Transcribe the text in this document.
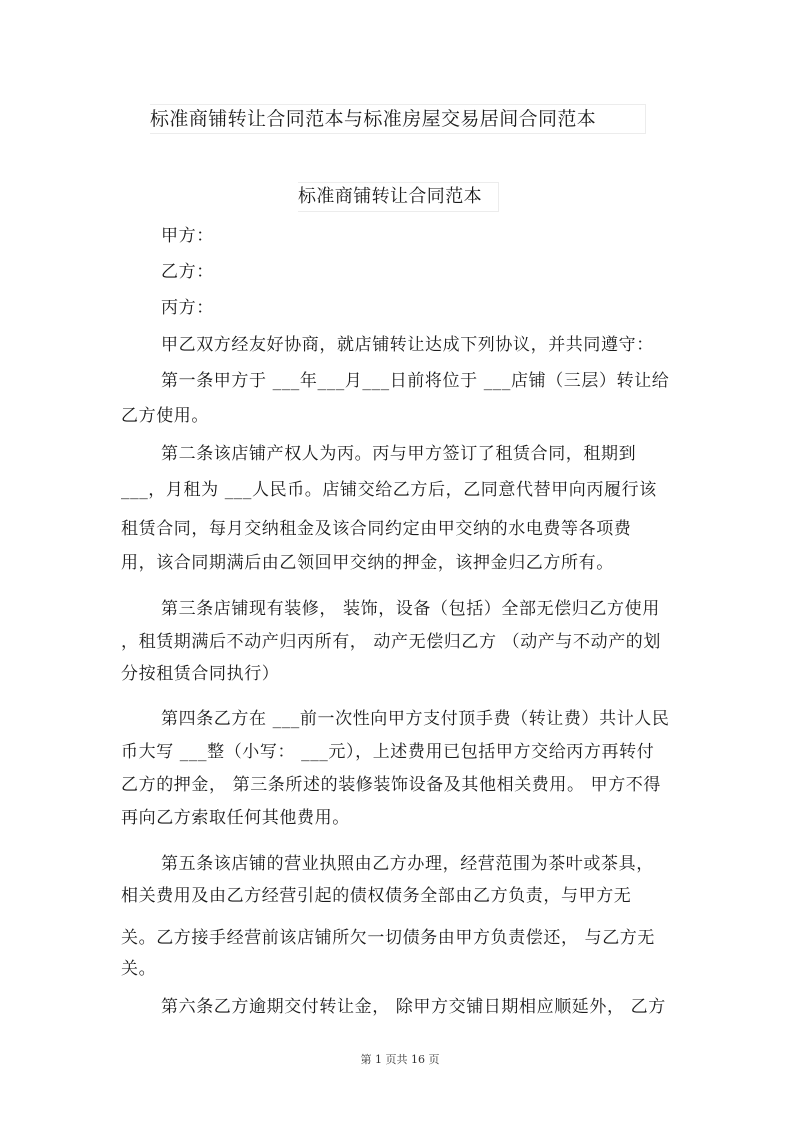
标准商铺转让合同范本与标准房屋交易居间合同范本
标准商铺转让合同范本
甲方：
乙方：
丙方：
甲乙双方经友好协商，就店铺转让达成下列协议，并共同遵守：
第一条甲方于 ___年___月___日前将位于 ___店铺（三层）转让给
乙方使用。
第二条该店铺产权人为丙。丙与甲方签订了租赁合同，租期到
___，月租为 ___人民币。店铺交给乙方后，乙同意代替甲向丙履行该
租赁合同，每月交纳租金及该合同约定由甲交纳的水电费等各项费
用，该合同期满后由乙领回甲交纳的押金，该押金归乙方所有。
第三条店铺现有装修， 装饰，设备（包括）全部无偿归乙方使用
，租赁期满后不动产归丙所有， 动产无偿归乙方 （动产与不动产的划
分按租赁合同执行）
第四条乙方在 ___前一次性向甲方支付顶手费（转让费）共计人民
币大写 ___整（小写： ___元），上述费用已包括甲方交给丙方再转付
乙方的押金， 第三条所述的装修装饰设备及其他相关费用。 甲方不得
再向乙方索取任何其他费用。
第五条该店铺的营业执照由乙方办理，经营范围为茶叶或茶具，
相关费用及由乙方经营引起的债权债务全部由乙方负责，与甲方无
关。乙方接手经营前该店铺所欠一切债务由甲方负责偿还， 与乙方无
关。
第六条乙方逾期交付转让金， 除甲方交铺日期相应顺延外， 乙方
第 1 页共 16 页
